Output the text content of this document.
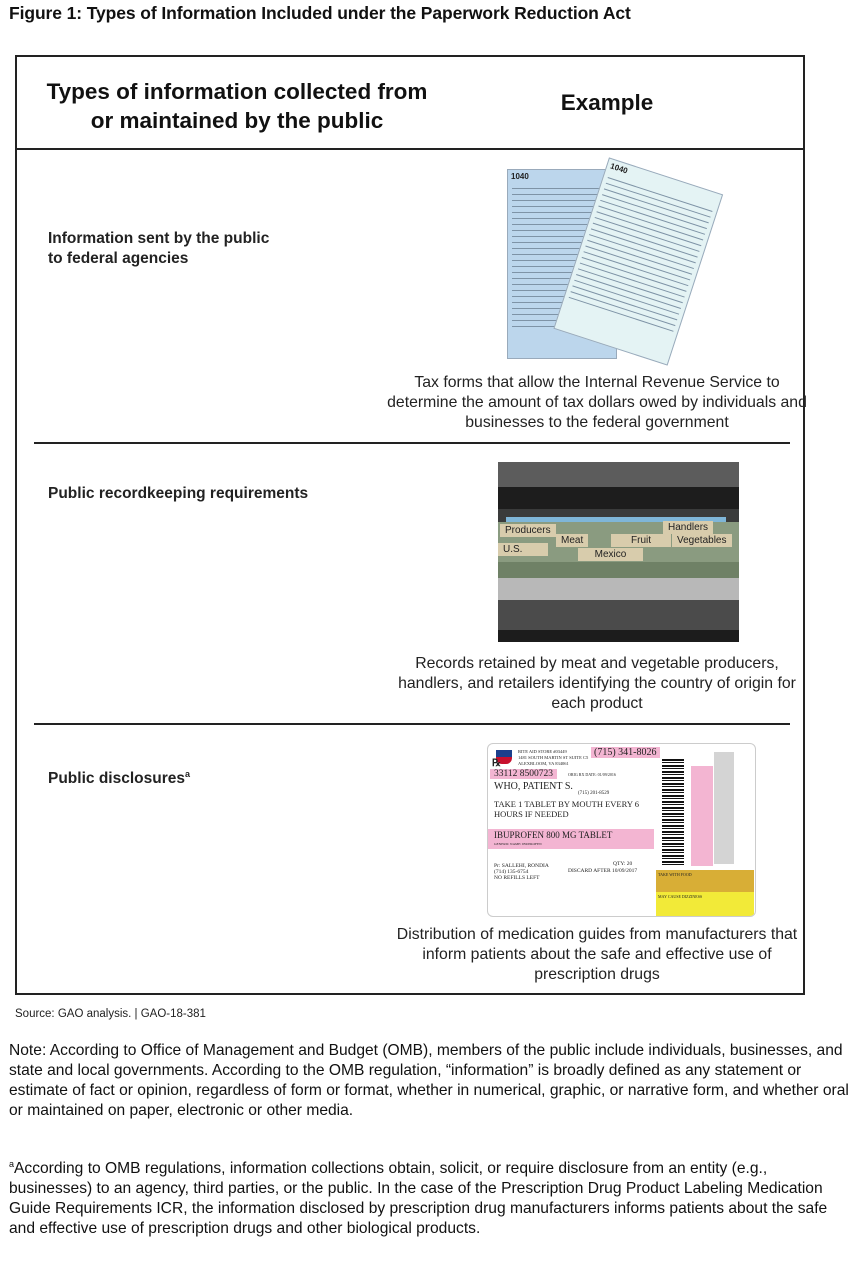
Figure 1: Types of Information Included under the Paperwork Reduction Act
Types of information collected from or maintained by the public
Example
Information sent by the public to federal agencies
1040
1040
Tax forms that allow the Internal Revenue Service to determine the amount of tax dollars owed by individuals and businesses to the federal government
Public recordkeeping requirements
Producers
Meat	Fruit
Handlers
Vegetables
U.S.	Mexico
Records retained by meat and vegetable producers, handlers, and retailers identifying the country of origin for each product
Public disclosures$^a$
℞
RITE AID STORE #03449
1481 SOUTH MARTIN ST SUITE C5
ALEXBLOOM, VA 834061
(715) 341-8026
33112 8500723	ORIG RX DATE: 01/09/2016
WHO, PATIENT S.
(715) 201-8529
TAKE 1 TABLET BY MOUTH EVERY 6
HOURS IF NEEDED
IBUPROFEN 800 MG TABLET
GENERIC NAME: IBUPROFEN
Pr: SALLEHI, RONDIA
(714) 135-6754
NO REFILLS LEFT
QTY: 20
DISCARD AFTER 10/09/2017
TAKE WITH FOOD
MAY CAUSE DIZZINESS
Distribution of medication guides from manufacturers that inform patients about the safe and effective use of prescription drugs
Source: GAO analysis. | GAO-18-381
Note: According to Office of Management and Budget (OMB), members of the public include individuals, businesses, and state and local governments. According to the OMB regulation, “information” is broadly defined as any statement or estimate of fact or opinion, regardless of form or format, whether in numerical, graphic, or narrative form, and whether oral or maintained on paper, electronic or other media.
$^a$According to OMB regulations, information collections obtain, solicit, or require disclosure from an entity (e.g., businesses) to an agency, third parties, or the public. In the case of the Prescription Drug Product Labeling Medication Guide Requirements ICR, the information disclosed by prescription drug manufacturers informs patients about the safe and effective use of prescription drugs and other biological products.
